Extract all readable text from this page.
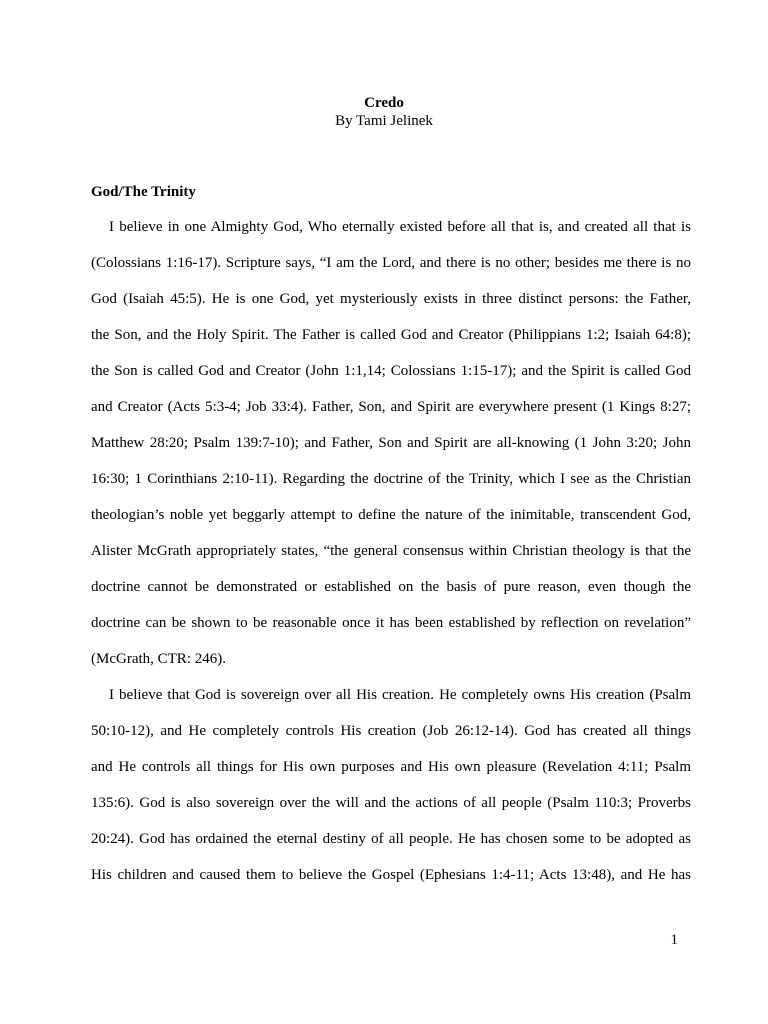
Credo
By Tami Jelinek
God/The Trinity
I believe in one Almighty God, Who eternally existed before all that is, and created all that is
(Colossians 1:16-17). Scripture says, “I am the Lord, and there is no other; besides me there is no
God (Isaiah 45:5). He is one God, yet mysteriously exists in three distinct persons: the Father,
the Son, and the Holy Spirit. The Father is called God and Creator (Philippians 1:2; Isaiah 64:8);
the Son is called God and Creator (John 1:1,14; Colossians 1:15-17); and the Spirit is called God
and Creator (Acts 5:3-4; Job 33:4). Father, Son, and Spirit are everywhere present (1 Kings 8:27;
Matthew 28:20; Psalm 139:7-10); and Father, Son and Spirit are all-knowing (1 John 3:20; John
16:30; 1 Corinthians 2:10-11). Regarding the doctrine of the Trinity, which I see as the Christian
theologian’s noble yet beggarly attempt to define the nature of the inimitable, transcendent God,
Alister McGrath appropriately states, “the general consensus within Christian theology is that the
doctrine cannot be demonstrated or established on the basis of pure reason, even though the
doctrine can be shown to be reasonable once it has been established by reflection on revelation”
(McGrath, CTR: 246).
I believe that God is sovereign over all His creation. He completely owns His creation (Psalm
50:10-12), and He completely controls His creation (Job 26:12-14). God has created all things
and He controls all things for His own purposes and His own pleasure (Revelation 4:11; Psalm
135:6). God is also sovereign over the will and the actions of all people (Psalm 110:3; Proverbs
20:24). God has ordained the eternal destiny of all people. He has chosen some to be adopted as
His children and caused them to believe the Gospel (Ephesians 1:4-11; Acts 13:48), and He has
1
